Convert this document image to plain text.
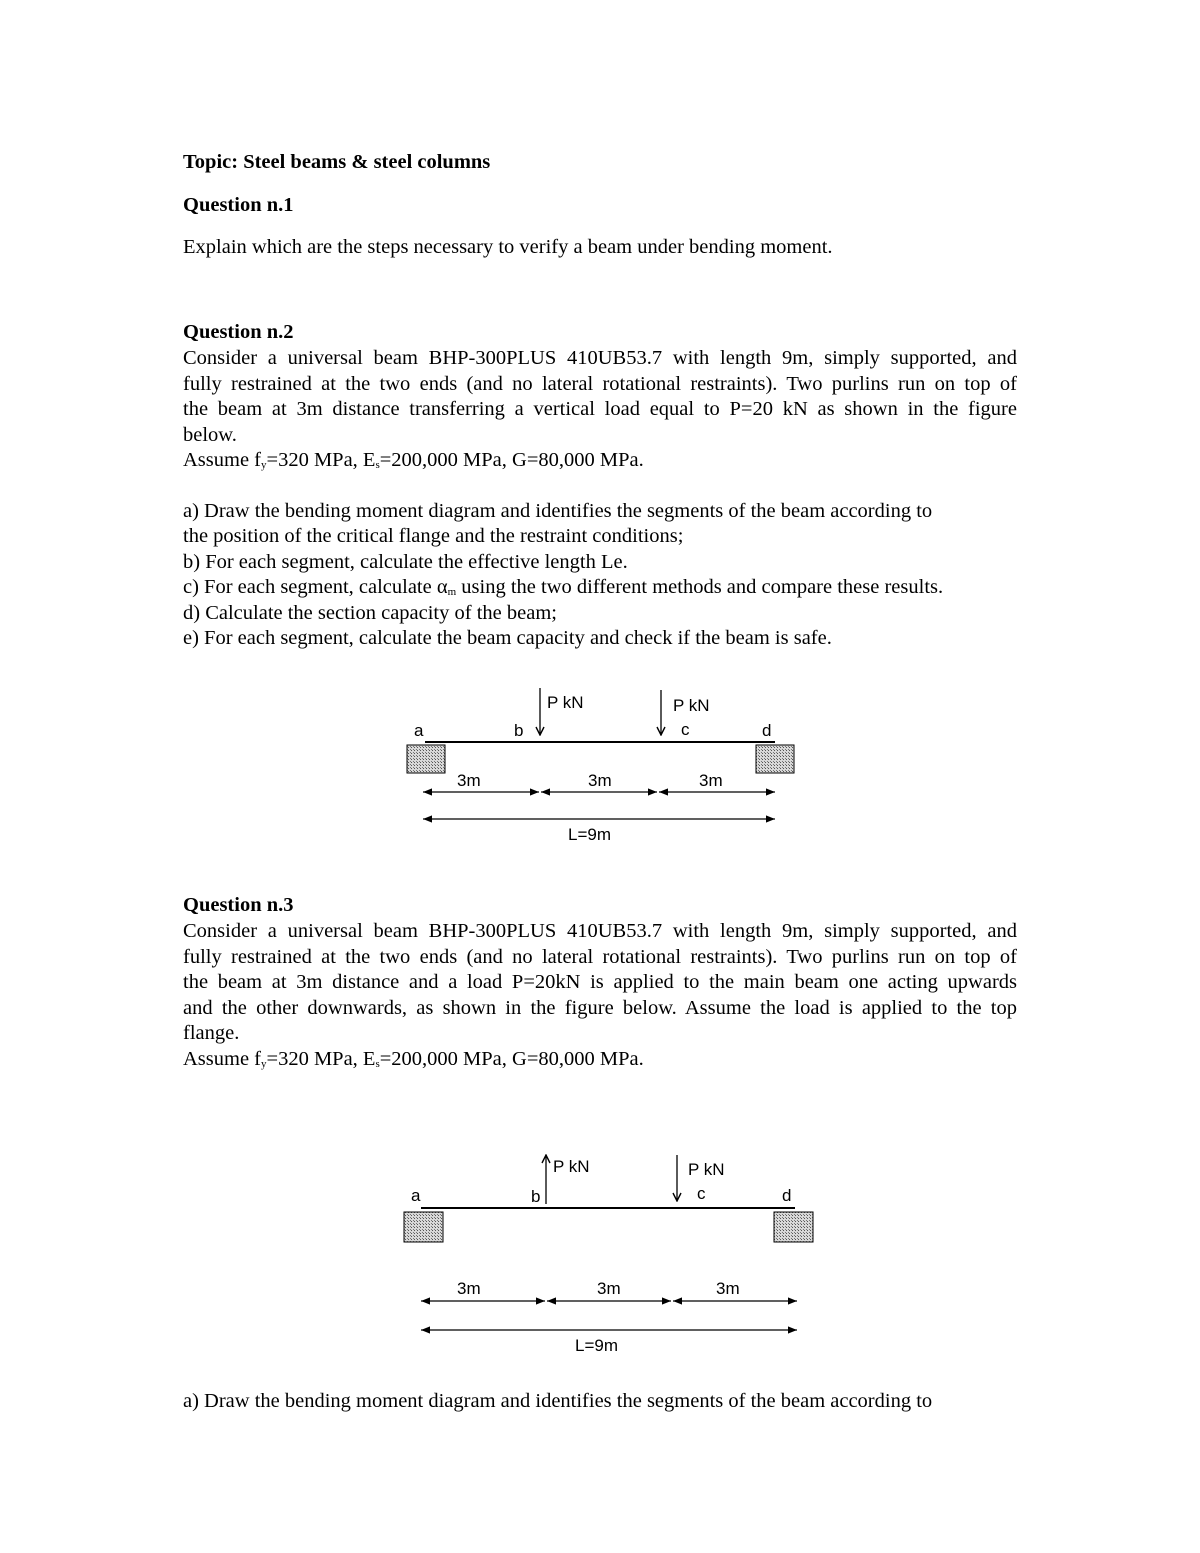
Topic: Steel beams & steel columns
Question n.1
Explain which are the steps necessary to verify a beam under bending moment.
Question n.2
Consider a universal beam BHP-300PLUS 410UB53.7 with length 9m, simply supported, and
fully restrained at the two ends (and no lateral rotational restraints). Two purlins run on top of
the beam at 3m distance transferring a vertical load equal to P=20 kN as shown in the figure
below.
Assume $f_y=320$ MPa, $E_s=200,000$ MPa, G=80,000 MPa.
a) Draw the bending moment diagram and identifies the segments of the beam according to
the position of the critical flange and the restraint conditions;
b) For each segment, calculate the effective length Le.
c) For each segment, calculate $\alpha_m$ using the two different methods and compare these results.
d) Calculate the section capacity of the beam;
e) For each segment, calculate the beam capacity and check if the beam is safe.
Question n.3
Consider a universal beam BHP-300PLUS 410UB53.7 with length 9m, simply supported, and
fully restrained at the two ends (and no lateral rotational restraints). Two purlins run on top of
the beam at 3m distance and a load P=20kN is applied to the main beam one acting upwards
and the other downwards, as shown in the figure below. Assume the load is applied to the top
flange.
Assume $f_y=320$ MPa, $E_s=200,000$ MPa, G=80,000 MPa.
a) Draw the bending moment diagram and identifies the segments of the beam according to
P kN	P kN
a	b	c	d
3m	3m	3m
L=9m
P kN	P kN
a	b	c	d
3m	3m	3m
L=9m
